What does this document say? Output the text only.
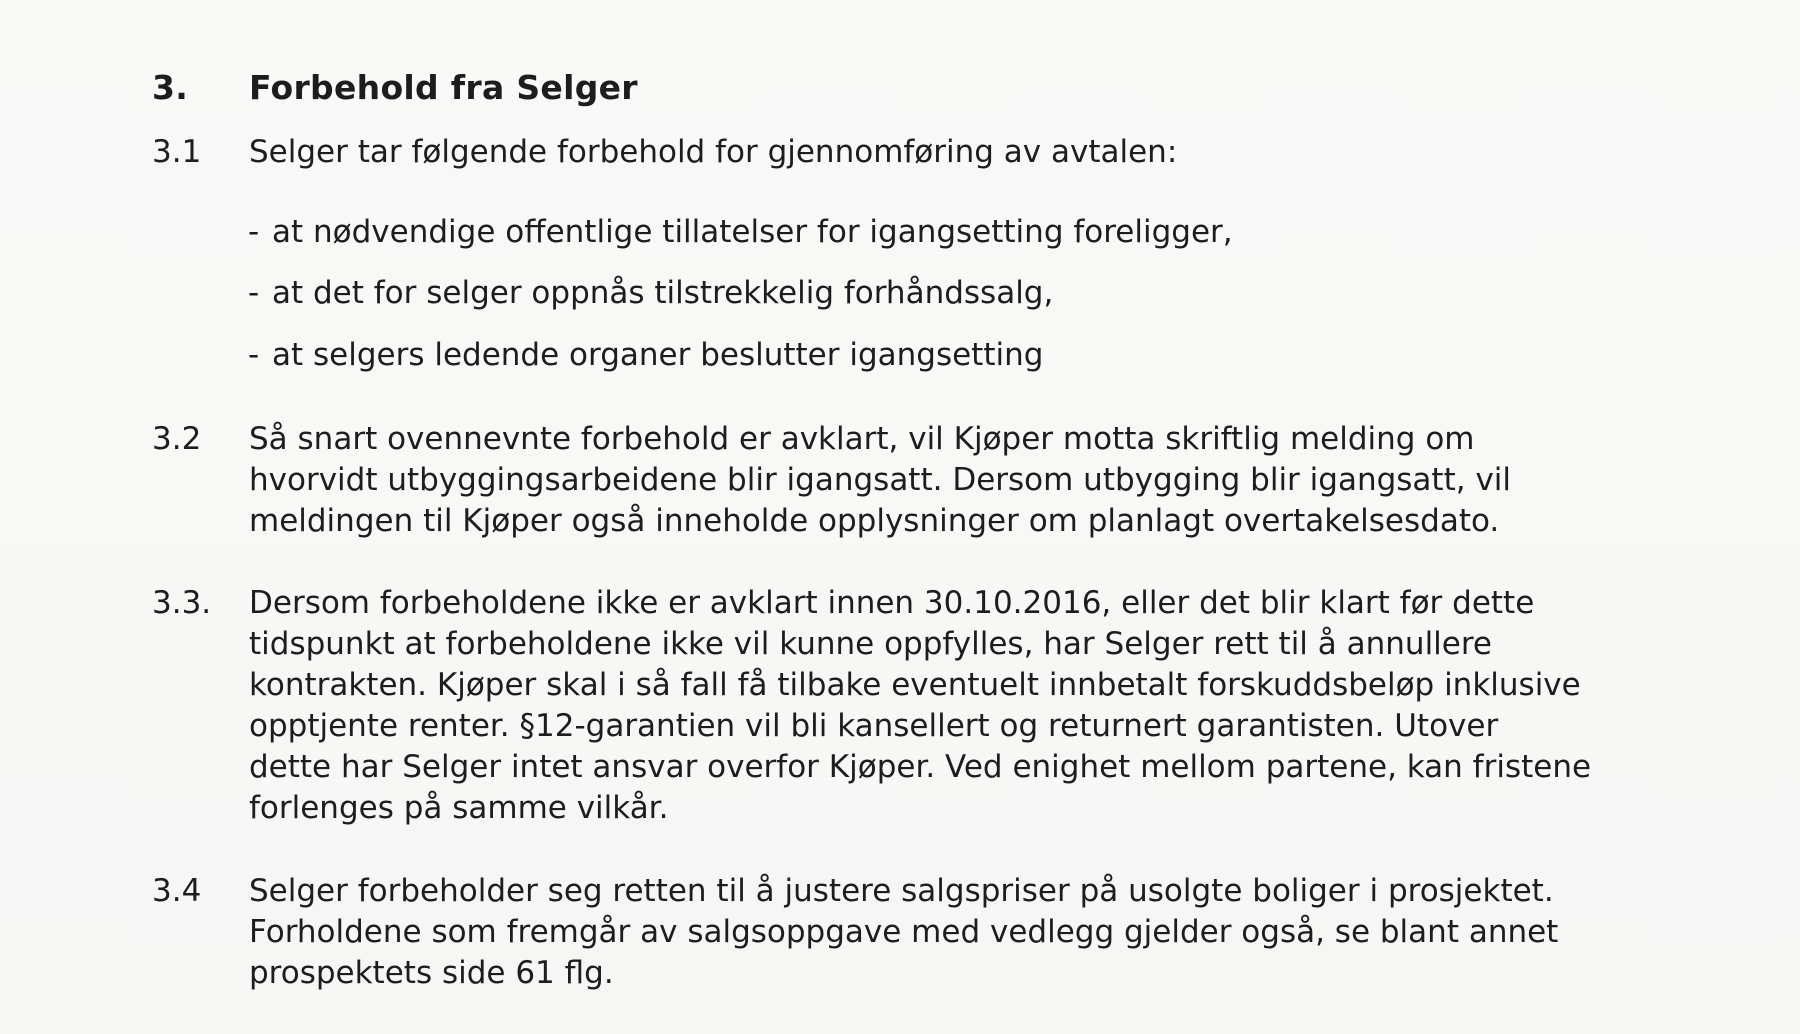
3. Forbehold fra Selger
3.1 Selger tar følgende forbehold for gjennomføring av avtalen:
- at nødvendige offentlige tillatelser for igangsetting foreligger,
- at det for selger oppnås tilstrekkelig forhåndssalg,
- at selgers ledende organer beslutter igangsetting
3.2 Så snart ovennevnte forbehold er avklart, vil Kjøper motta skriftlig melding om
hvorvidt utbyggingsarbeidene blir igangsatt. Dersom utbygging blir igangsatt, vil
meldingen til Kjøper også inneholde opplysninger om planlagt overtakelsesdato.
3.3. Dersom forbeholdene ikke er avklart innen 30.10.2016, eller det blir klart før dette
tidspunkt at forbeholdene ikke vil kunne oppfylles, har Selger rett til å annullere
kontrakten. Kjøper skal i så fall få tilbake eventuelt innbetalt forskuddsbeløp inklusive
opptjente renter. §12-garantien vil bli kansellert og returnert garantisten. Utover
dette har Selger intet ansvar overfor Kjøper. Ved enighet mellom partene, kan fristene
forlenges på samme vilkår.
3.4 Selger forbeholder seg retten til å justere salgspriser på usolgte boliger i prosjektet.
Forholdene som fremgår av salgsoppgave med vedlegg gjelder også, se blant annet
prospektets side 61 flg.
